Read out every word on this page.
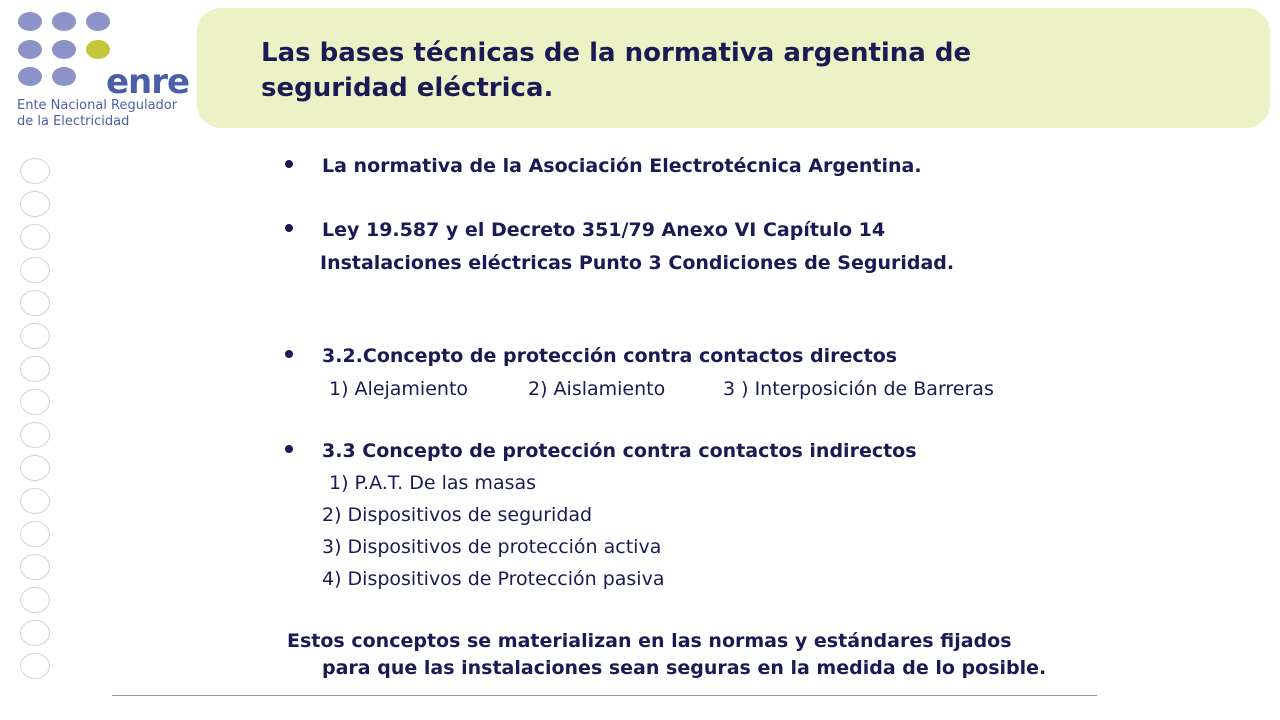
enre
Ente Nacional Regulador
de la Electricidad
Las bases técnicas de la normativa argentina de
seguridad eléctrica.
La normativa de la Asociación Electrotécnica Argentina.
Ley 19.587 y el Decreto 351/79 Anexo VI Capítulo 14
Instalaciones eléctricas Punto 3 Condiciones de Seguridad.
3.2.Concepto de protección contra contactos directos
1) Alejamiento	2) Aislamiento	3 ) Interposición de Barreras
3.3 Concepto de protección contra contactos indirectos
1) P.A.T. De las masas
2) Dispositivos de seguridad
3) Dispositivos de protección activa
4) Dispositivos de Protección pasiva
Estos conceptos se materializan en las normas y estándares fijados
para que las instalaciones sean seguras en la medida de lo posible.
